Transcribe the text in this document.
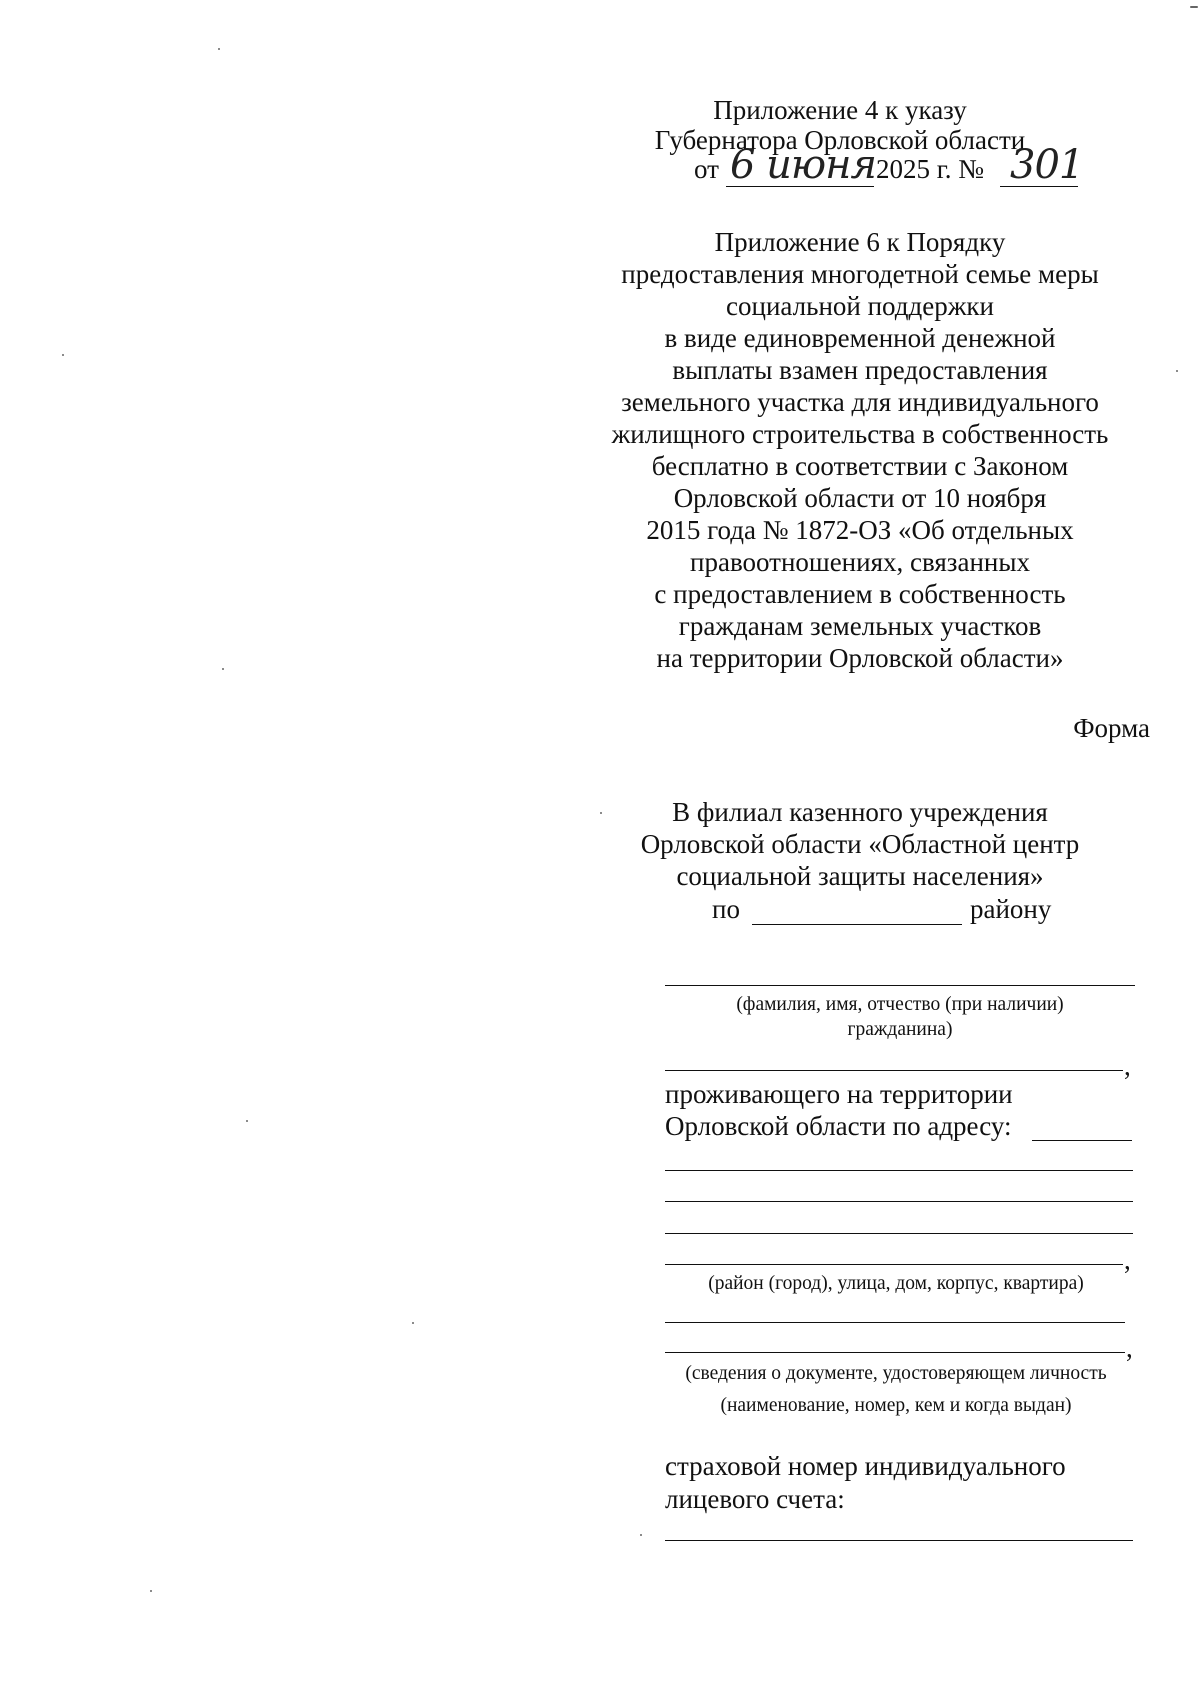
Приложение 4 к указу
Губернатора Орловской области
от 6 июня 2025 г. № 301
Приложение 6 к Порядку
предоставления многодетной семье меры
социальной поддержки
в виде единовременной денежной
выплаты взамен предоставления
земельного участка для индивидуального
жилищного строительства в собственность
бесплатно в соответствии с Законом
Орловской области от 10 ноября
2015 года № 1872-ОЗ «Об отдельных
правоотношениях, связанных
с предоставлением в собственность
гражданам земельных участков
на территории Орловской области»
Форма
В филиал казенного учреждения
Орловской области «Областной центр
социальной защиты населения»
по	району
(фамилия, имя, отчество (при наличии)
гражданина)
,
проживающего на территории
Орловской области по адресу:
,
(район (город), улица, дом, корпус, квартира)
,
(сведения о документе, удостоверяющем личность
(наименование, номер, кем и когда выдан)
страховой номер индивидуального
лицевого счета:
